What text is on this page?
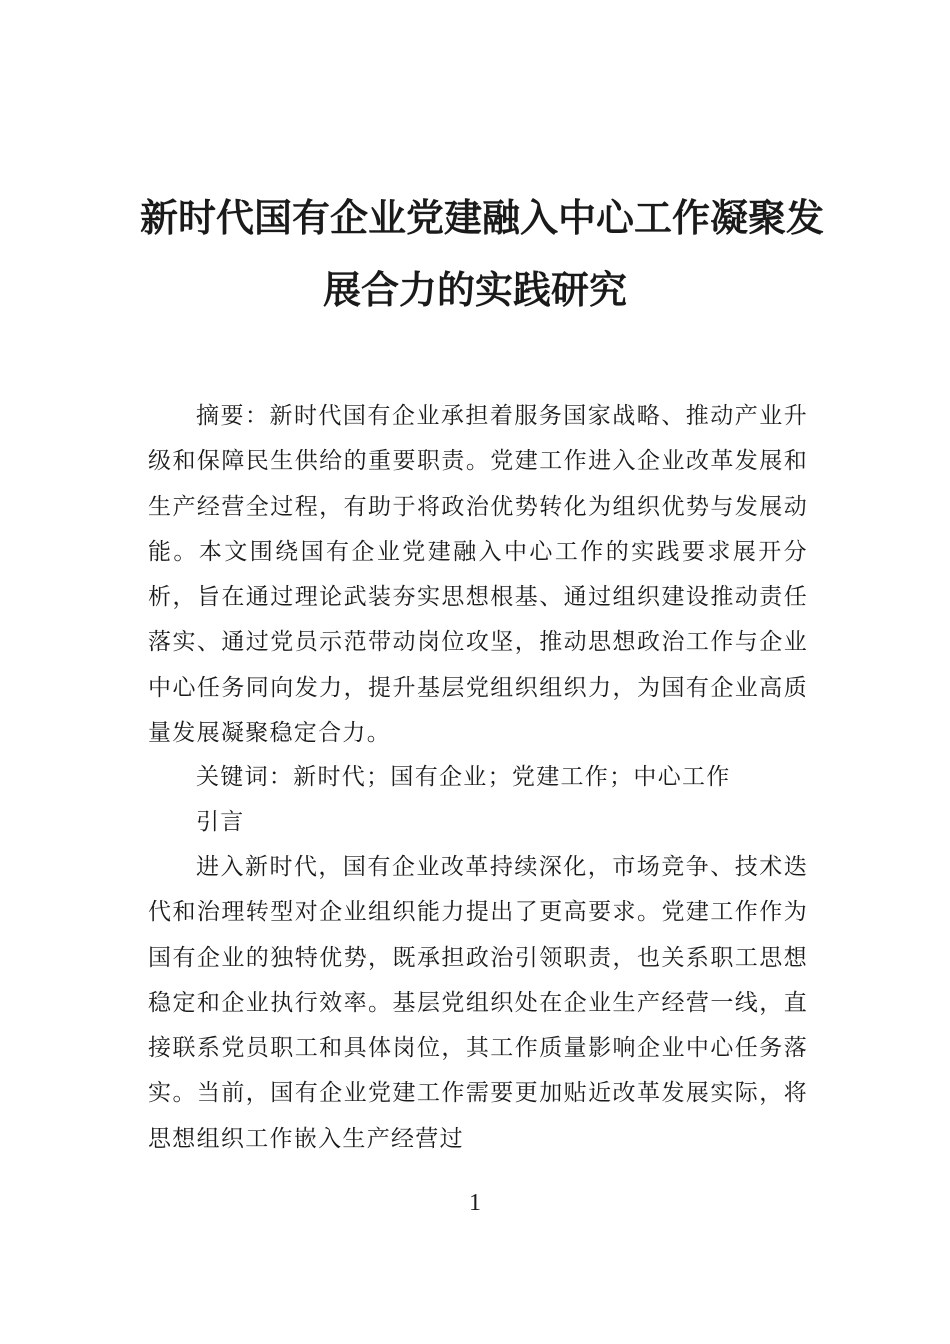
新时代国有企业党建融入中心工作凝聚发
展合力的实践研究

摘要：新时代国有企业承担着服务国家战略、推动产业升级和保障民生供给的重要职责。党建工作进入企业改革发展和生产经营全过程，有助于将政治优势转化为组织优势与发展动能。本文围绕国有企业党建融入中心工作的实践要求展开分析，旨在通过理论武装夯实思想根基、通过组织建设推动责任落实、通过党员示范带动岗位攻坚，推动思想政治工作与企业中心任务同向发力，提升基层党组织组织力，为国有企业高质量发展凝聚稳定合力。

关键词：新时代；国有企业；党建工作；中心工作

引言

进入新时代，国有企业改革持续深化，市场竞争、技术迭代和治理转型对企业组织能力提出了更高要求。党建工作作为国有企业的独特优势，既承担政治引领职责，也关系职工思想稳定和企业执行效率。基层党组织处在企业生产经营一线，直接联系党员职工和具体岗位，其工作质量影响企业中心任务落实。当前，国有企业党建工作需要更加贴近改革发展实际，将思想组织工作嵌入生产经营过

1
